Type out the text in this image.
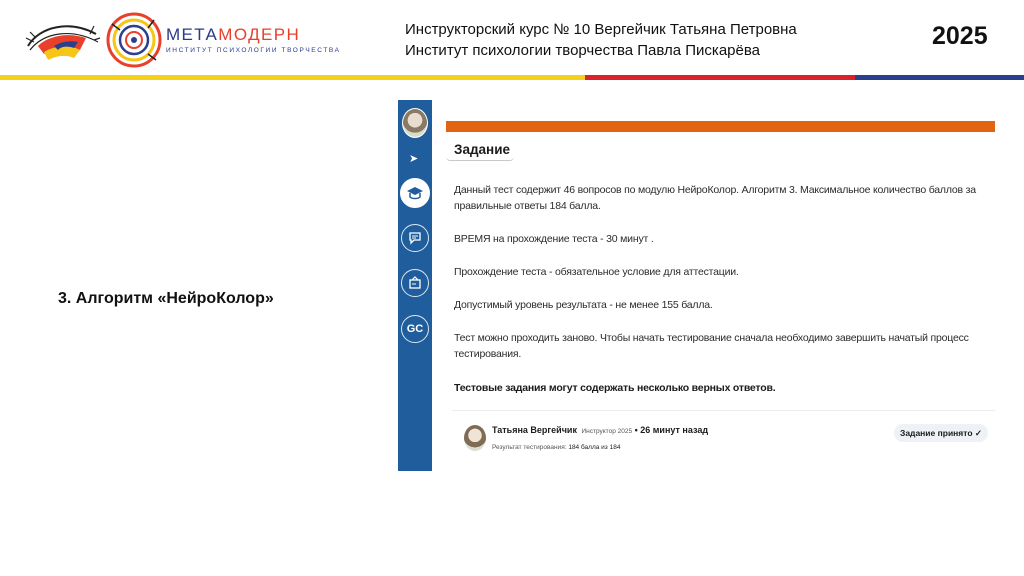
МЕТАМОДЕРН
ИНСТИТУТ ПСИХОЛОГИИ ТВОРЧЕСТВА
Инструкторский курс № 10 Вергейчик Татьяна Петровна
Институт психологии творчества Павла Пискарёва
2025
3. Алгоритм «НейроКолор»
➤
GC
Задание
Данный тест содержит 46 вопросов по модулю НейроКолор. Алгоритм 3. Максимальное количество баллов за правильные ответы 184 балла.
ВРЕМЯ на прохождение теста - 30 минут .
Прохождение теста - обязательное условие для аттестации.
Допустимый уровень результата - не менее 155 балла.
Тест можно проходить заново. Чтобы начать тестирование сначала необходимо завершить начатый процесс тестирования.
Тестовые задания могут содержать несколько верных ответов.
Татьяна Вергейчик Инструктор 2025 • 26 минут назад
Результат тестирования: 184 балла из 184
Задание принято ✓
